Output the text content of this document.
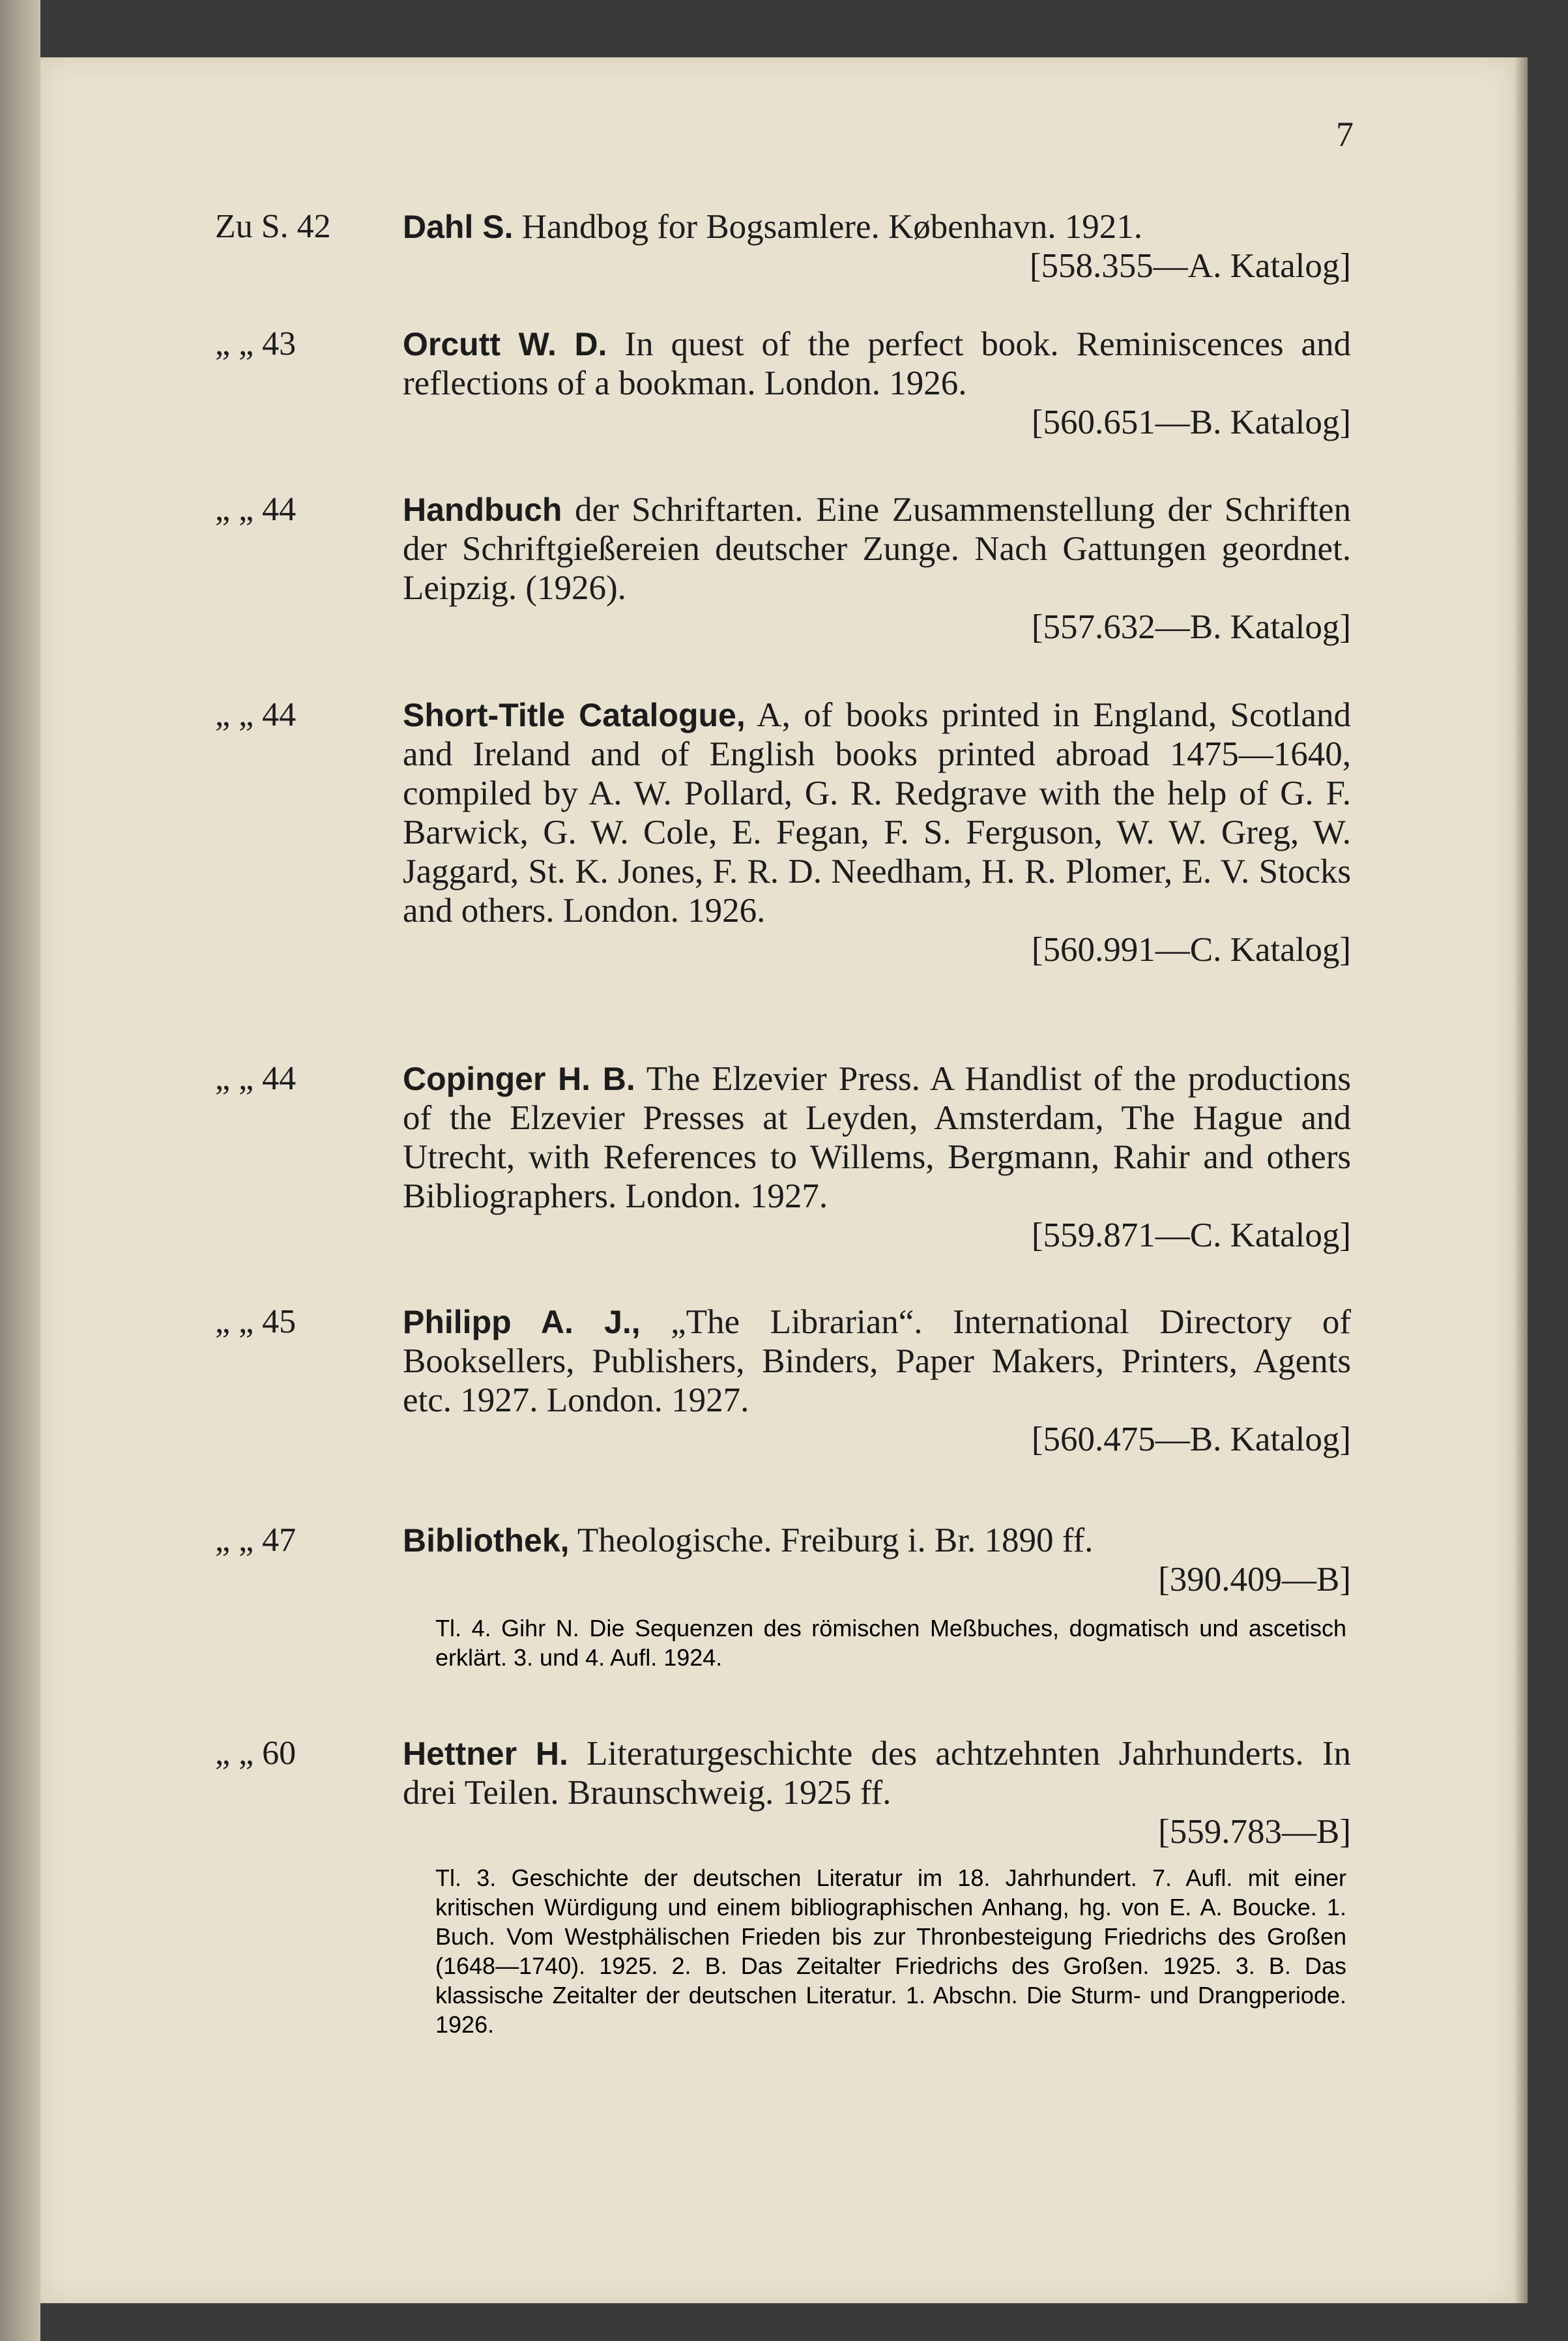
7
Zu S. 42	Dahl S. Handbog for Bogsamlere. København. 1921.
[558.355—A. Katalog]
„ „ 43	Orcutt W. D. In quest of the perfect book. Reminiscences and reflections of a bookman. London. 1926.
[560.651—B. Katalog]
„ „ 44	Handbuch der Schriftarten. Eine Zusammenstellung der Schriften der Schriftgießereien deutscher Zunge. Nach Gattungen geordnet. Leipzig. (1926).
[557.632—B. Katalog]
„ „ 44	Short-Title Catalogue, A, of books printed in England, Scotland and Ireland and of English books printed abroad 1475—1640, compiled by A. W. Pollard, G. R. Redgrave with the help of G. F. Barwick, G. W. Cole, E. Fegan, F. S. Ferguson, W. W. Greg, W. Jaggard, St. K. Jones, F. R. D. Needham, H. R. Plomer, E. V. Stocks and others. London. 1926.
[560.991—C. Katalog]
„ „ 44	Copinger H. B. The Elzevier Press. A Handlist of the productions of the Elzevier Presses at Leyden, Amsterdam, The Hague and Utrecht, with References to Willems, Bergmann, Rahir and others Bibliographers. London. 1927.
[559.871—C. Katalog]
„ „ 45	Philipp A. J., „The Librarian“. International Directory of Booksellers, Publishers, Binders, Paper Makers, Printers, Agents etc. 1927. London. 1927.
[560.475—B. Katalog]
„ „ 47	Bibliothek, Theologische. Freiburg i. Br. 1890 ff.
[390.409—B]
Tl. 4. Gihr N. Die Sequenzen des römischen Meßbuches, dogmatisch und ascetisch erklärt. 3. und 4. Aufl. 1924.
„ „ 60	Hettner H. Literaturgeschichte des achtzehnten Jahrhunderts. In drei Teilen. Braunschweig. 1925 ff.
[559.783—B]
Tl. 3. Geschichte der deutschen Literatur im 18. Jahrhundert. 7. Aufl. mit einer kritischen Würdigung und einem bibliographischen Anhang, hg. von E. A. Boucke. 1. Buch. Vom Westphälischen Frieden bis zur Thronbesteigung Friedrichs des Großen (1648—1740). 1925. 2. B. Das Zeitalter Friedrichs des Großen. 1925. 3. B. Das klassische Zeitalter der deutschen Literatur. 1. Abschn. Die Sturm- und Drangperiode. 1926.
